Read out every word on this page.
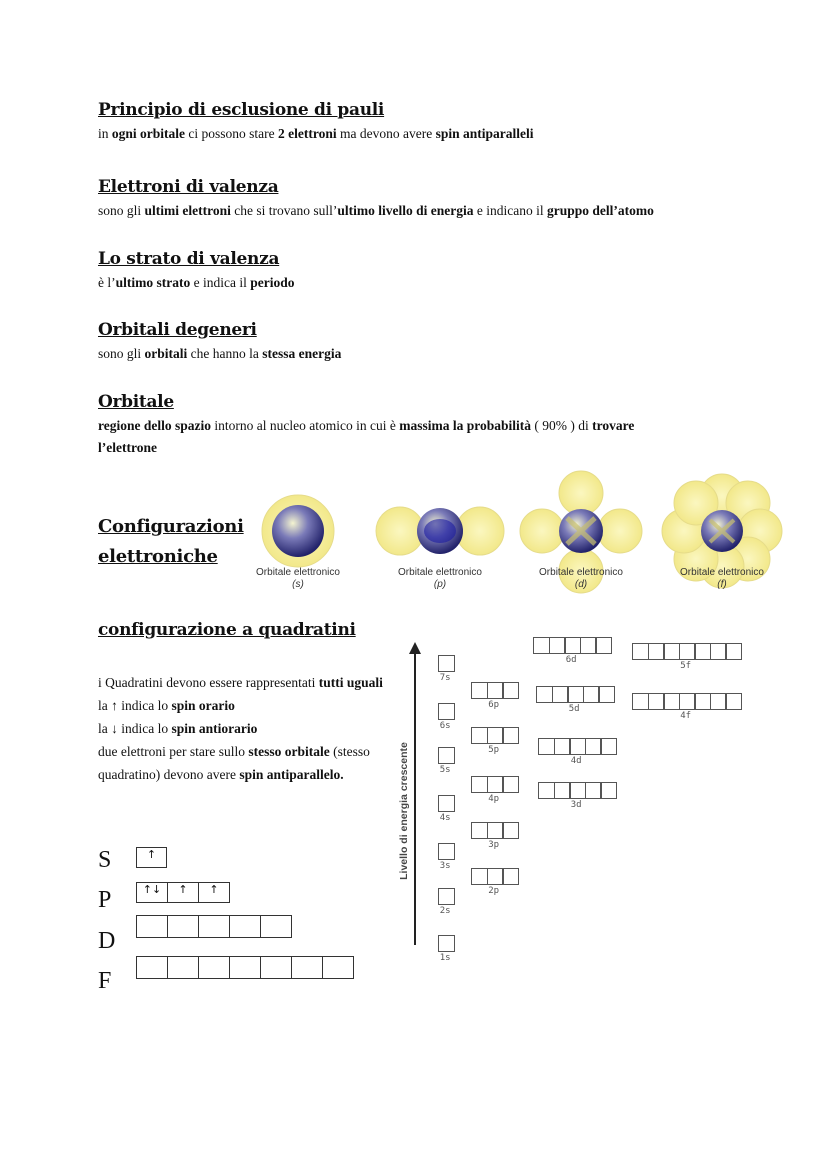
Principio di esclusione di pauli
in ogni orbitale ci possono stare 2 elettroni ma devono avere spin antiparalleli
Elettroni di valenza
sono gli ultimi elettroni che si trovano sull’ultimo livello di energia e indicano il gruppo dell’atomo
Lo strato di valenza
è l’ultimo strato e indica il periodo
Orbitali degeneri
sono gli orbitali che hanno la stessa energia
Orbitale
regione dello spazio intorno al nucleo atomico in cui è massima la probabilità ( 90% ) di trovare l’elettrone
Configurazioni
elettroniche
Orbitale elettronico
(s)
Orbitale elettronico
(p)
Orbitale elettronico
(d)
Orbitale elettronico
(f)
configurazione a quadratini
i Quadratini devono essere rappresentati tutti uguali
la ↑ indica lo spin orario
la ↓ indica lo spin antiorario
due elettroni per stare sullo stesso orbitale (stesso quadratino) devono avere spin antiparallelo.
S
P
D
F
↑
↑↓	↑	↑
Livello di energia crescente
7s
6s
5s
4s
3s
2s
1s
6p
5p
4p
3p
2p
6d
5d
4d
3d
5f
4f
